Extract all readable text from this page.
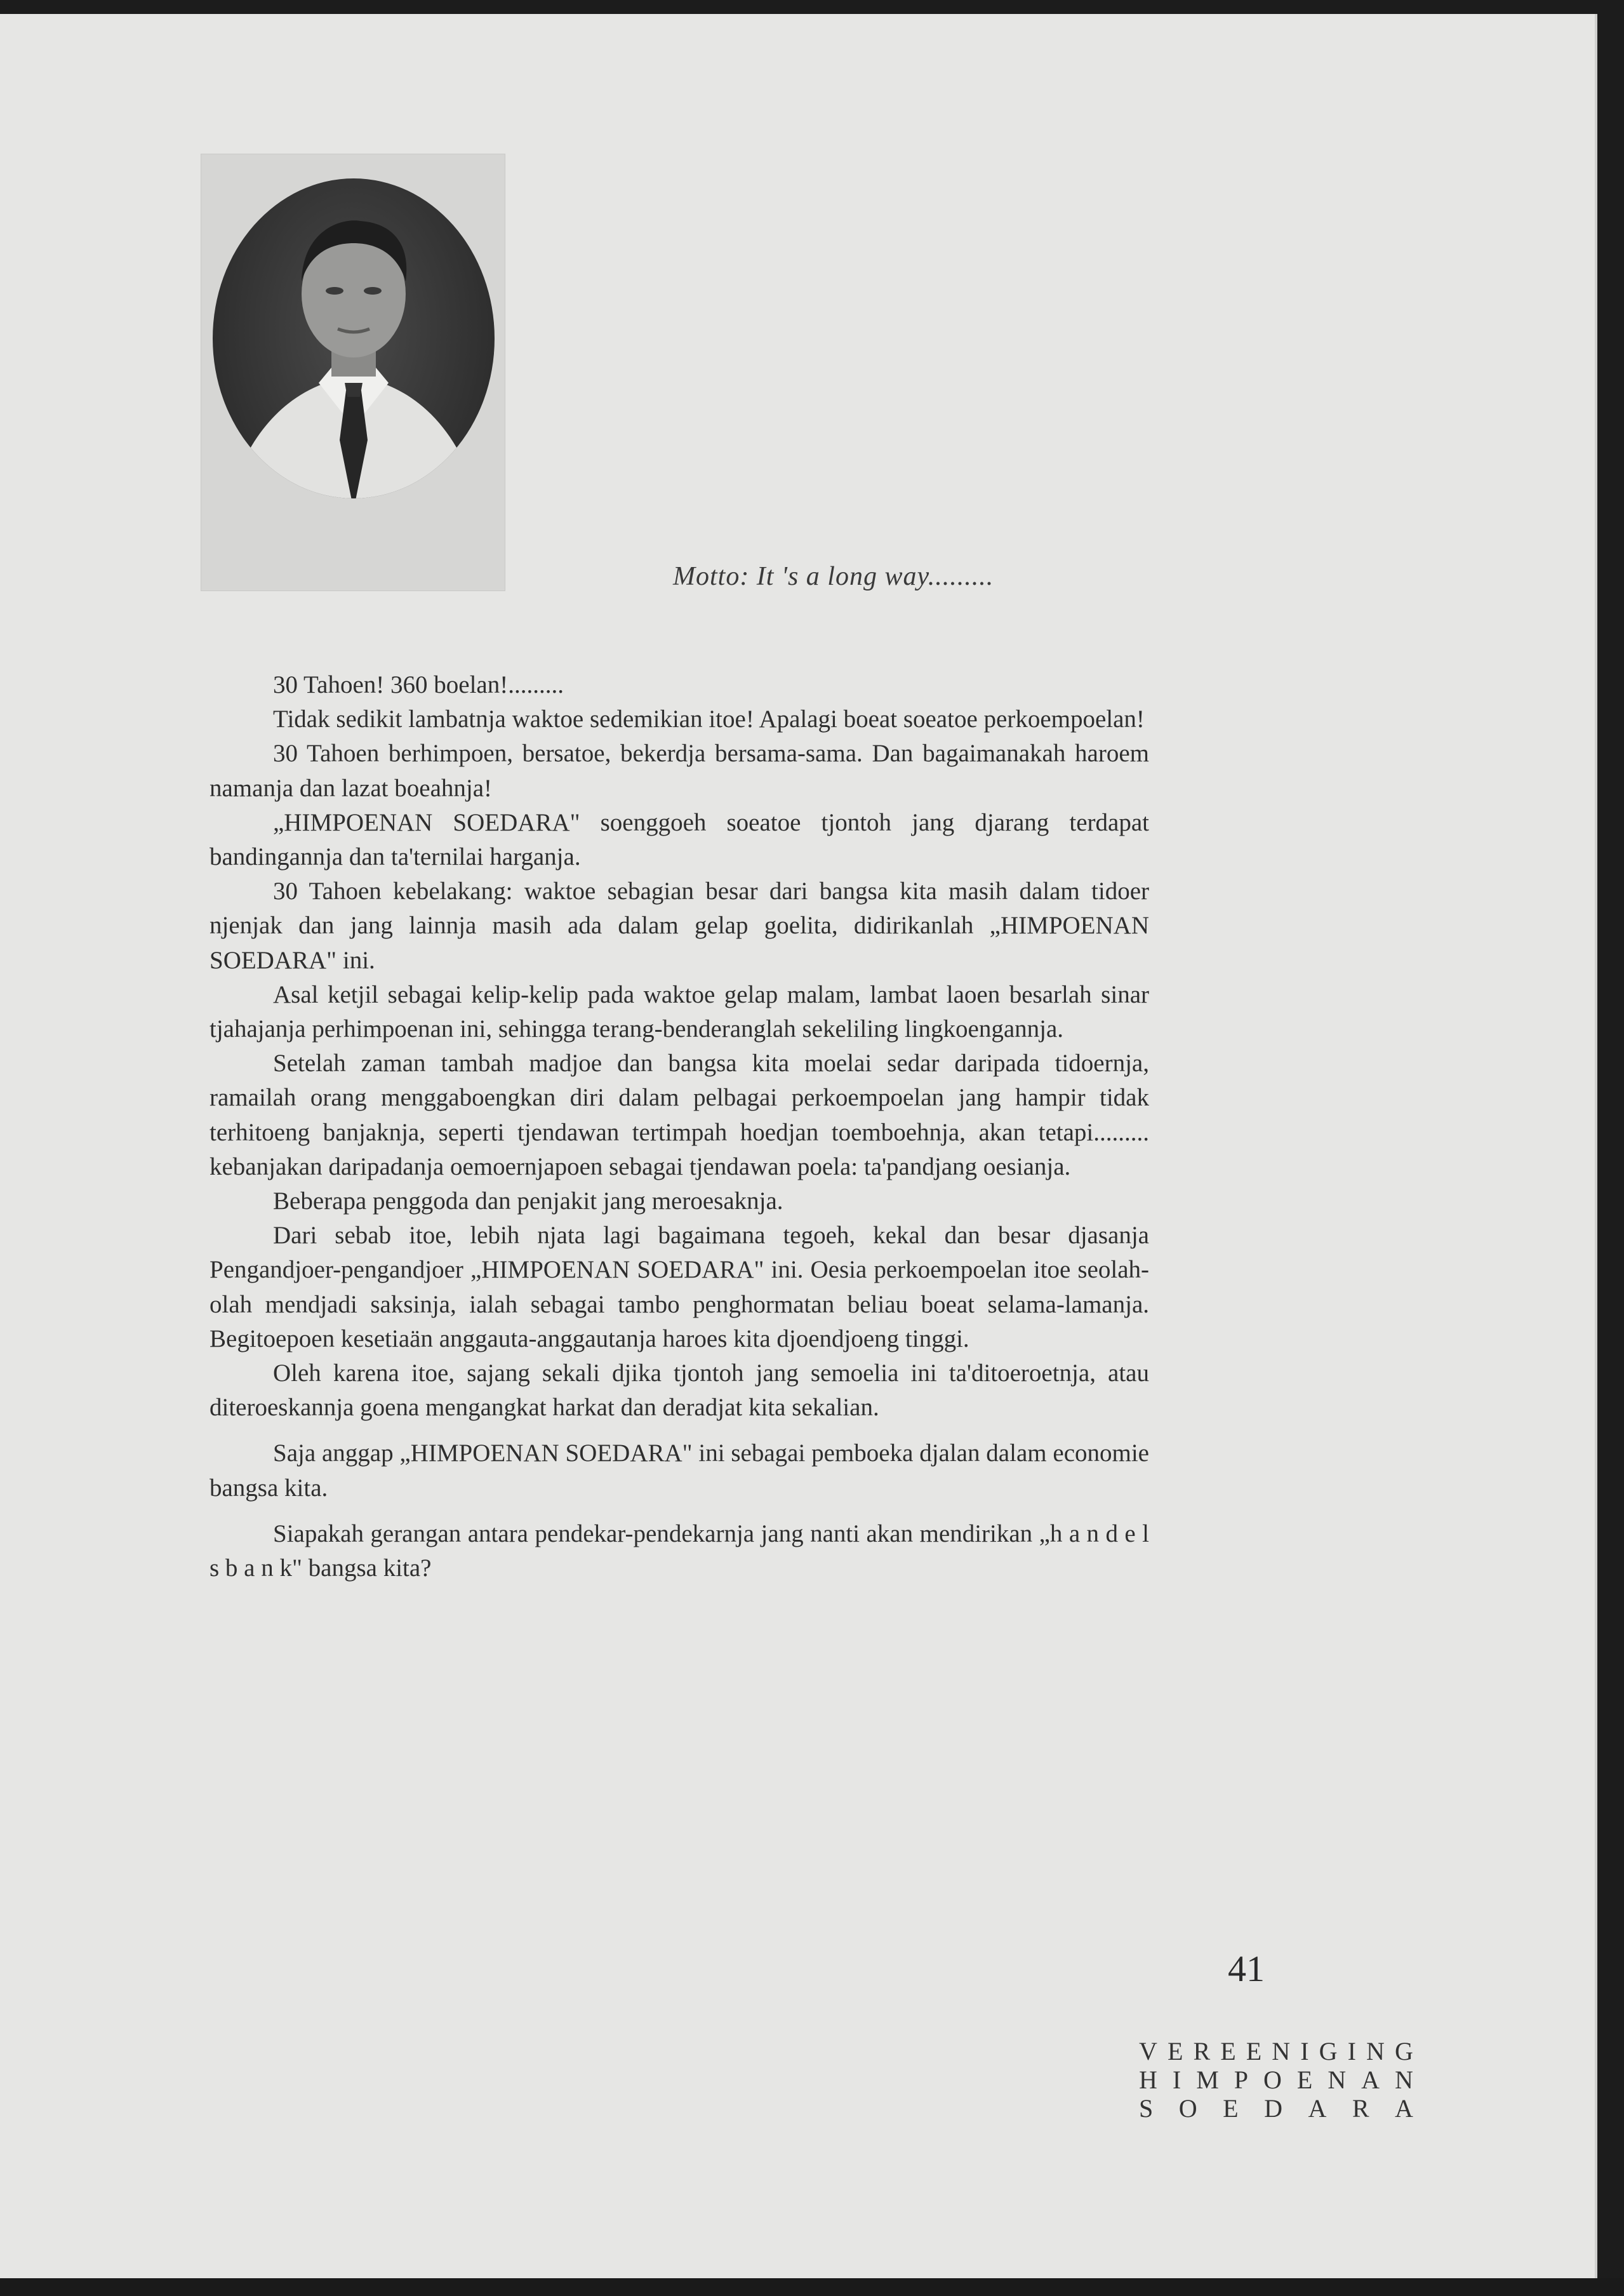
Motto: It 's a long way.........

30 Tahoen! 360 boelan!.........

Tidak sedikit lambatnja waktoe sedemikian itoe! Apalagi boeat soeatoe perkoempoelan!

30 Tahoen berhimpoen, bersatoe, bekerdja bersama-sama. Dan bagaimanakah haroem namanja dan lazat boeahnja!

„HIMPOENAN SOEDARA" soenggoeh soeatoe tjontoh jang djarang terdapat bandingannja dan ta'ternilai harganja.

30 Tahoen kebelakang: waktoe sebagian besar dari bangsa kita masih dalam tidoer njenjak dan jang lainnja masih ada dalam gelap goelita, didirikanlah „HIMPOENAN SOEDARA" ini.

Asal ketjil sebagai kelip-kelip pada waktoe gelap malam, lambat laoen besarlah sinar tjahajanja perhimpoenan ini, sehingga terang-benderanglah sekeliling lingkoengannja.

Setelah zaman tambah madjoe dan bangsa kita moelai sedar daripada tidoernja, ramailah orang menggaboengkan diri dalam pelbagai perkoempoelan jang hampir tidak terhitoeng banjaknja, seperti tjendawan tertimpah hoedjan toemboehnja, akan tetapi......... kebanjakan daripadanja oemoernjapoen sebagai tjendawan poela: ta'pandjang oesianja.

Beberapa penggoda dan penjakit jang meroesaknja.

Dari sebab itoe, lebih njata lagi bagaimana tegoeh, kekal dan besar djasanja Pengandjoer-pengandjoer „HIMPOENAN SOEDARA" ini. Oesia perkoempoelan itoe seolah-olah mendjadi saksinja, ialah sebagai tambo penghormatan beliau boeat selama-lamanja. Begitoepoen kesetiaän anggauta-anggautanja haroes kita djoendjoeng tinggi.

Oleh karena itoe, sajang sekali djika tjontoh jang semoelia ini ta'ditoeroetnja, atau diteroeskannja goena mengangkat harkat dan deradjat kita sekalian.

Saja anggap „HIMPOENAN SOEDARA" ini sebagai pemboeka djalan dalam economie bangsa kita.

Siapakah gerangan antara pendekar-pendekarnja jang nanti akan mendirikan „h a n d e l s b a n k" bangsa kita?

41
V E R E E N I G I N G
H I M P O E N A N
S O E D A R A
